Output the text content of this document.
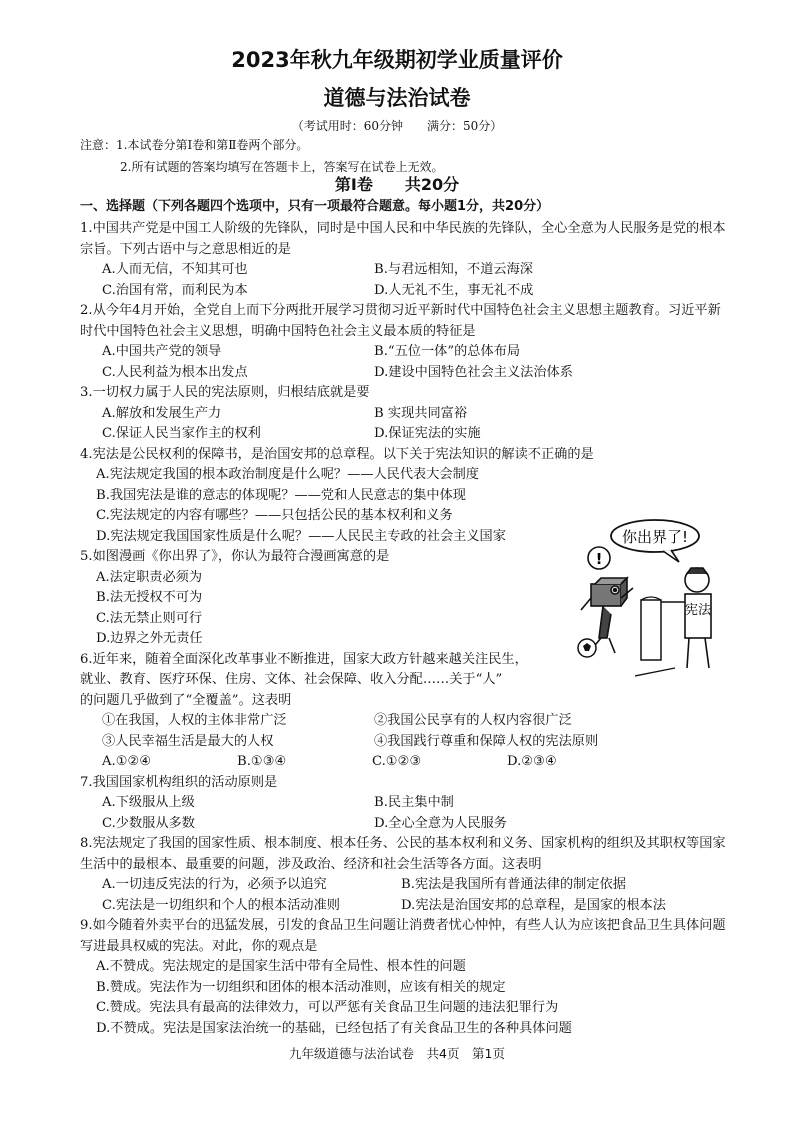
2023年秋九年级期初学业质量评价
道德与法治试卷
（考试用时：60分钟　　满分：50分）
注意：1.本试卷分第Ⅰ卷和第Ⅱ卷两个部分。
2.所有试题的答案均填写在答题卡上，答案写在试卷上无效。
第Ⅰ卷　　共20分
一、选择题（下列各题四个选项中，只有一项最符合题意。每小题1分，共20分）
1.中国共产党是中国工人阶级的先锋队，同时是中国人民和中华民族的先锋队，全心全意为人民服务是党的根本宗旨。下列古语中与之意思相近的是
A.人而无信，不知其可也	B.与君远相知，不道云海深
C.治国有常，而利民为本	D.人无礼不生，事无礼不成
2.从今年4月开始，全党自上而下分两批开展学习贯彻习近平新时代中国特色社会主义思想主题教育。习近平新时代中国特色社会主义思想，明确中国特色社会主义最本质的特征是
A.中国共产党的领导	B.“五位一体”的总体布局
C.人民利益为根本出发点	D.建设中国特色社会主义法治体系
3.一切权力属于人民的宪法原则，归根结底就是要
A.解放和发展生产力	B 实现共同富裕
C.保证人民当家作主的权利	D.保证宪法的实施
4.宪法是公民权利的保障书，是治国安邦的总章程。以下关于宪法知识的解读不正确的是
A.宪法规定我国的根本政治制度是什么呢？——人民代表大会制度
B.我国宪法是谁的意志的体现呢？——党和人民意志的集中体现
C.宪法规定的内容有哪些？——只包括公民的基本权利和义务
D.宪法规定我国国家性质是什么呢？——人民民主专政的社会主义国家
5.如图漫画《你出界了》，你认为最符合漫画寓意的是
A.法定职责必须为
B.法无授权不可为
C.法无禁止则可行
D.边界之外无责任
6.近年来，随着全面深化改革事业不断推进，国家大政方针越来越关注民生，
就业、教育、医疗环保、住房、文体、社会保障、收入分配……关于“人”
的问题几乎做到了“全覆盖”。这表明
①在我国，人权的主体非常广泛	②我国公民享有的人权内容很广泛
③人民幸福生活是最大的人权	④我国践行尊重和保障人权的宪法原则
A.①②④	B.①③④	C.①②③	D.②③④
7.我国国家机构组织的活动原则是
A.下级服从上级	B.民主集中制
C.少数服从多数	D.全心全意为人民服务
8.宪法规定了我国的国家性质、根本制度、根本任务、公民的基本权利和义务、国家机构的组织及其职权等国家生活中的最根本、最重要的问题，涉及政治、经济和社会生活等各方面。这表明
A.一切违反宪法的行为，必须予以追究	B.宪法是我国所有普通法律的制定依据
C.宪法是一切组织和个人的根本活动准则	D.宪法是治国安邦的总章程，是国家的根本法
9.如今随着外卖平台的迅猛发展，引发的食品卫生问题让消费者忧心忡忡，有些人认为应该把食品卫生具体问题写进最具权威的宪法。对此，你的观点是
A.不赞成。宪法规定的是国家生活中带有全局性、根本性的问题
B.赞成。宪法作为一切组织和团体的根本活动准则，应该有相关的规定
C.赞成。宪法具有最高的法律效力，可以严惩有关食品卫生问题的违法犯罪行为
D.不赞成。宪法是国家法治统一的基础，已经包括了有关食品卫生的各种具体问题
你出界了!
!
宪法
九年级道德与法治试卷　共4页　第1页
